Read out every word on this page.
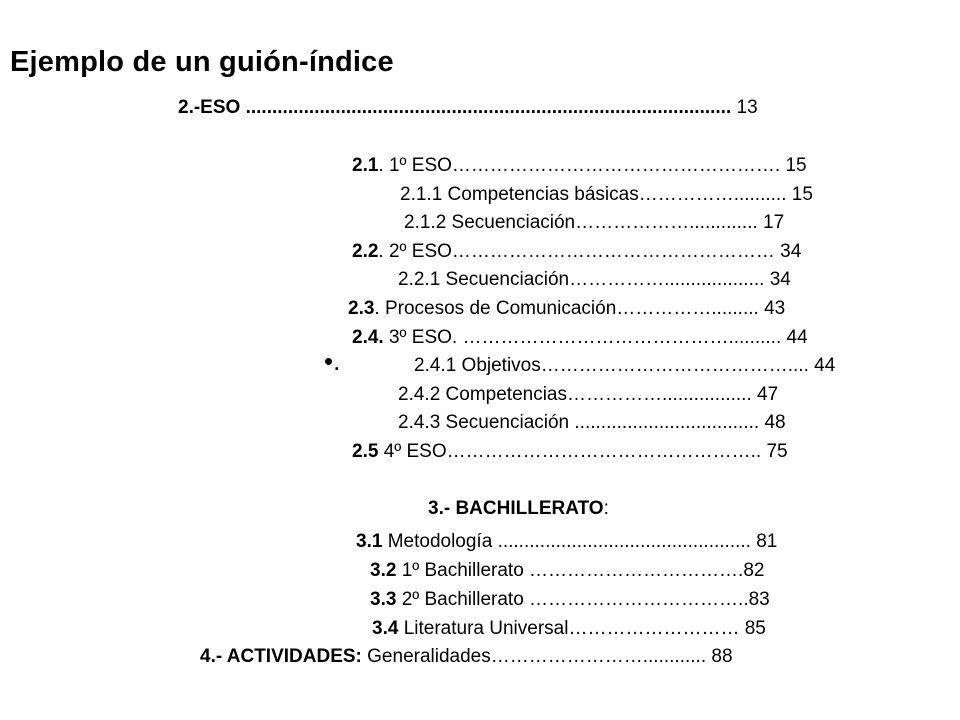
Ejemplo de un guión-índice
2.-ESO ............................................................................................ 13
2.1. 1º ESO……………………………………………. 15
2.1.1 Competencias básicas…………….......... 15
2.1.2 Secuenciación………………............. 17
2.2. 2º ESO…………………………………………… 34
2.2.1 Secuenciación……………................... 34
2.3. Procesos de Comunicación……………......... 43
2.4. 3º ESO. …………………………………….......... 44
•.	2.4.1 Objetivos………………………………….... 44
2.4.2 Competencias……………................. 47
2.4.3 Secuenciación ................................... 48
2.5 4º ESO………………………………………….. 75
3.- BACHILLERATO:
3.1 Metodología ................................................ 81
3.2 1º Bachillerato …………………………….82
3.3 2º Bachillerato ……………………………..83
3.4 Literatura Universal……………………… 85
4.- ACTIVIDADES: Generalidades……………………............ 88
